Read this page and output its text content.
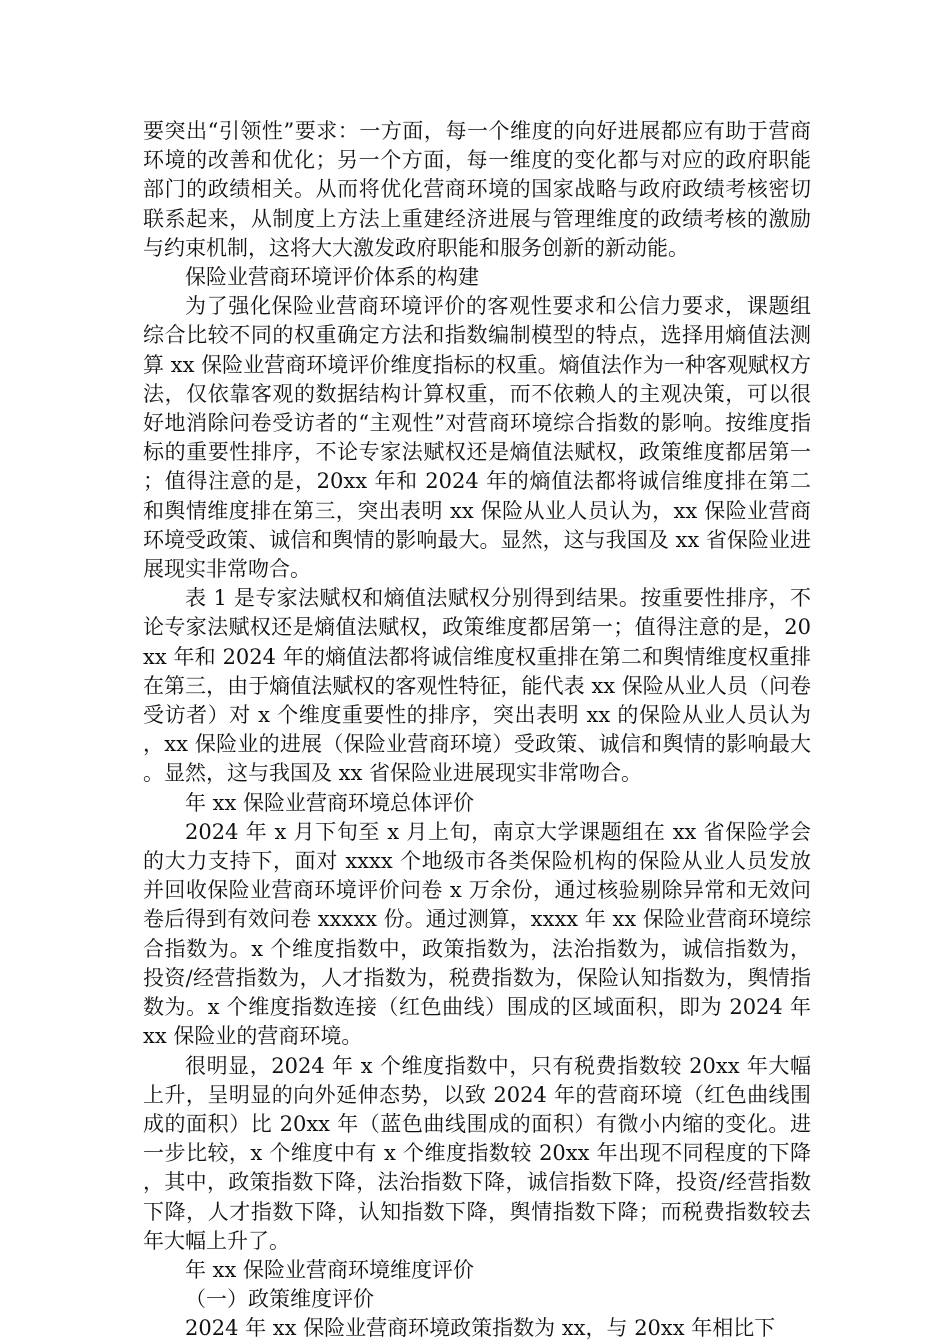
要突出“引领性”要求：一方面，每一个维度的向好进展都应有助于营商环境的改善和优化；另一个方面，每一维度的变化都与对应的政府职能部门的政绩相关。从而将优化营商环境的国家战略与政府政绩考核密切联系起来，从制度上方法上重建经济进展与管理维度的政绩考核的激励与约束机制，这将大大激发政府职能和服务创新的新动能。

保险业营商环境评价体系的构建

为了强化保险业营商环境评价的客观性要求和公信力要求，课题组综合比较不同的权重确定方法和指数编制模型的特点，选择用熵值法测算 xx 保险业营商环境评价维度指标的权重。熵值法作为一种客观赋权方法，仅依靠客观的数据结构计算权重，而不依赖人的主观决策，可以很好地消除问卷受访者的“主观性”对营商环境综合指数的影响。按维度指标的重要性排序，不论专家法赋权还是熵值法赋权，政策维度都居第一；值得注意的是，20xx 年和 2024 年的熵值法都将诚信维度排在第二和舆情维度排在第三，突出表明 xx 保险从业人员认为，xx 保险业营商环境受政策、诚信和舆情的影响最大。显然，这与我国及 xx 省保险业进展现实非常吻合。

表 1 是专家法赋权和熵值法赋权分别得到结果。按重要性排序，不论专家法赋权还是熵值法赋权，政策维度都居第一；值得注意的是，20xx 年和 2024 年的熵值法都将诚信维度权重排在第二和舆情维度权重排在第三，由于熵值法赋权的客观性特征，能代表 xx 保险从业人员（问卷受访者）对 x 个维度重要性的排序，突出表明 xx 的保险从业人员认为，xx 保险业的进展（保险业营商环境）受政策、诚信和舆情的影响最大。显然，这与我国及 xx 省保险业进展现实非常吻合。

年 xx 保险业营商环境总体评价

2024 年 x 月下旬至 x 月上旬，南京大学课题组在 xx 省保险学会的大力支持下，面对 xxxx 个地级市各类保险机构的保险从业人员发放并回收保险业营商环境评价问卷 x 万余份，通过核验剔除异常和无效问卷后得到有效问卷 xxxxx 份。通过测算，xxxx 年 xx 保险业营商环境综合指数为。x 个维度指数中，政策指数为，法治指数为，诚信指数为，投资/经营指数为，人才指数为，税费指数为，保险认知指数为，舆情指数为。x 个维度指数连接（红色曲线）围成的区域面积，即为 2024 年 xx 保险业的营商环境。

很明显，2024 年 x 个维度指数中，只有税费指数较 20xx 年大幅上升，呈明显的向外延伸态势，以致 2024 年的营商环境（红色曲线围成的面积）比 20xx 年（蓝色曲线围成的面积）有微小内缩的变化。进一步比较，x 个维度中有 x 个维度指数较 20xx 年出现不同程度的下降，其中，政策指数下降，法治指数下降，诚信指数下降，投资/经营指数下降，人才指数下降，认知指数下降，舆情指数下降；而税费指数较去年大幅上升了。

年 xx 保险业营商环境维度评价

（一）政策维度评价

2024 年 xx 保险业营商环境政策指数为 xx，与 20xx 年相比下
